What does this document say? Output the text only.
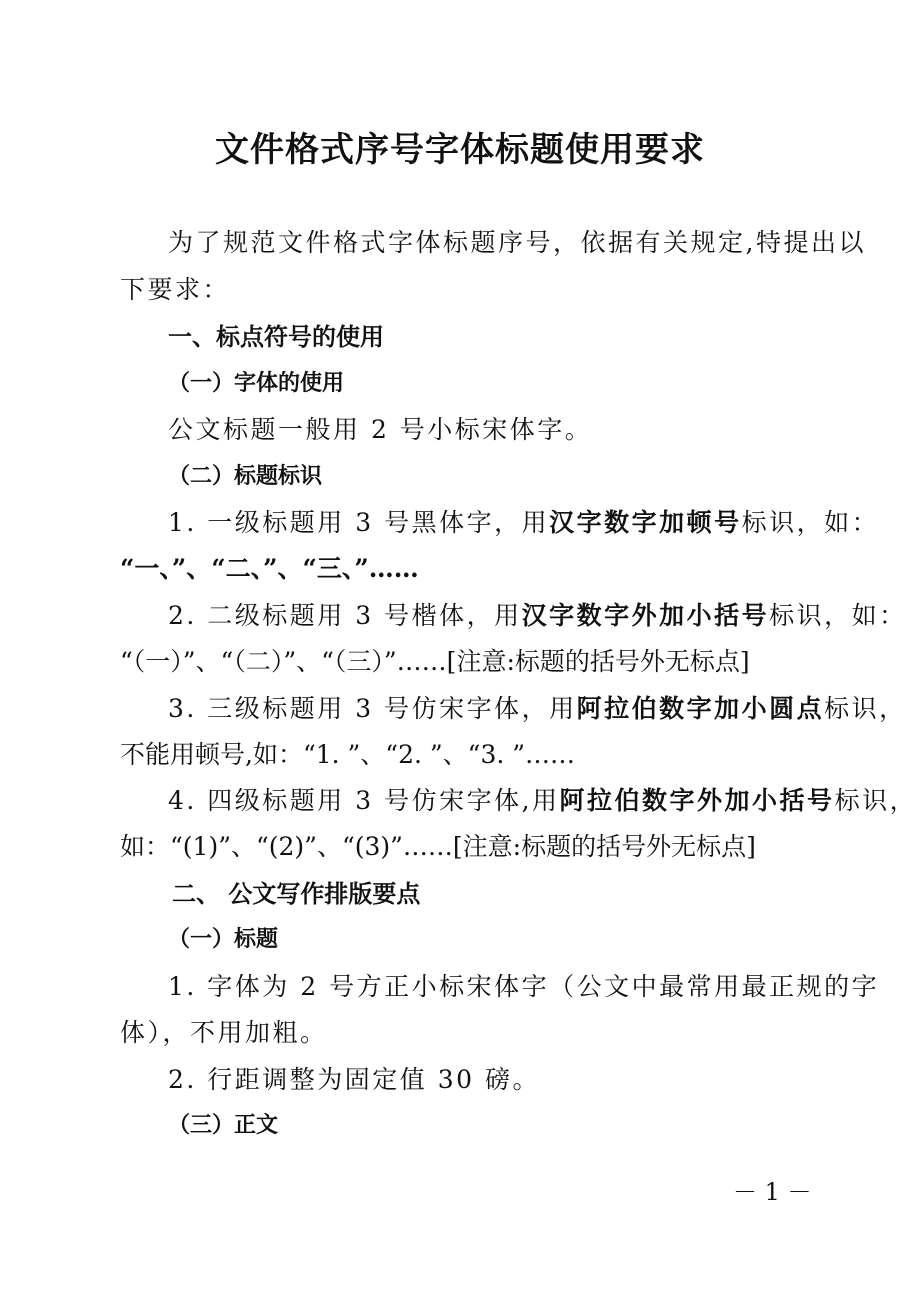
文件格式序号字体标题使用要求
为了规范文件格式字体标题序号，依据有关规定,特提出以
下要求：
一、标点符号的使用
（一）字体的使用
公文标题一般用 2 号小标宋体字。
（二）标题标识
1. 一级标题用 3 号黑体字，用汉字数字加顿号标识，如：
“一、”、“二、”、“三、”……
2. 二级标题用 3 号楷体，用汉字数字外加小括号标识，如：
“（一）”、“（二）”、“（三）”……[注意:标题的括号外无标点]
3. 三级标题用 3 号仿宋字体，用阿拉伯数字加小圆点标识，
不能用顿号,如：“1. ”、“2. ”、“3. ”……
4. 四级标题用 3 号仿宋字体,用阿拉伯数字外加小括号标识，
如：“(1)”、“(2)”、“(3)”……[注意:标题的括号外无标点]
二、 公文写作排版要点
（一）标题
1. 字体为 2 号方正小标宋体字（公文中最常用最正规的字
体），不用加粗。
2. 行距调整为固定值 30 磅。
（三）正文
－ 1 －
